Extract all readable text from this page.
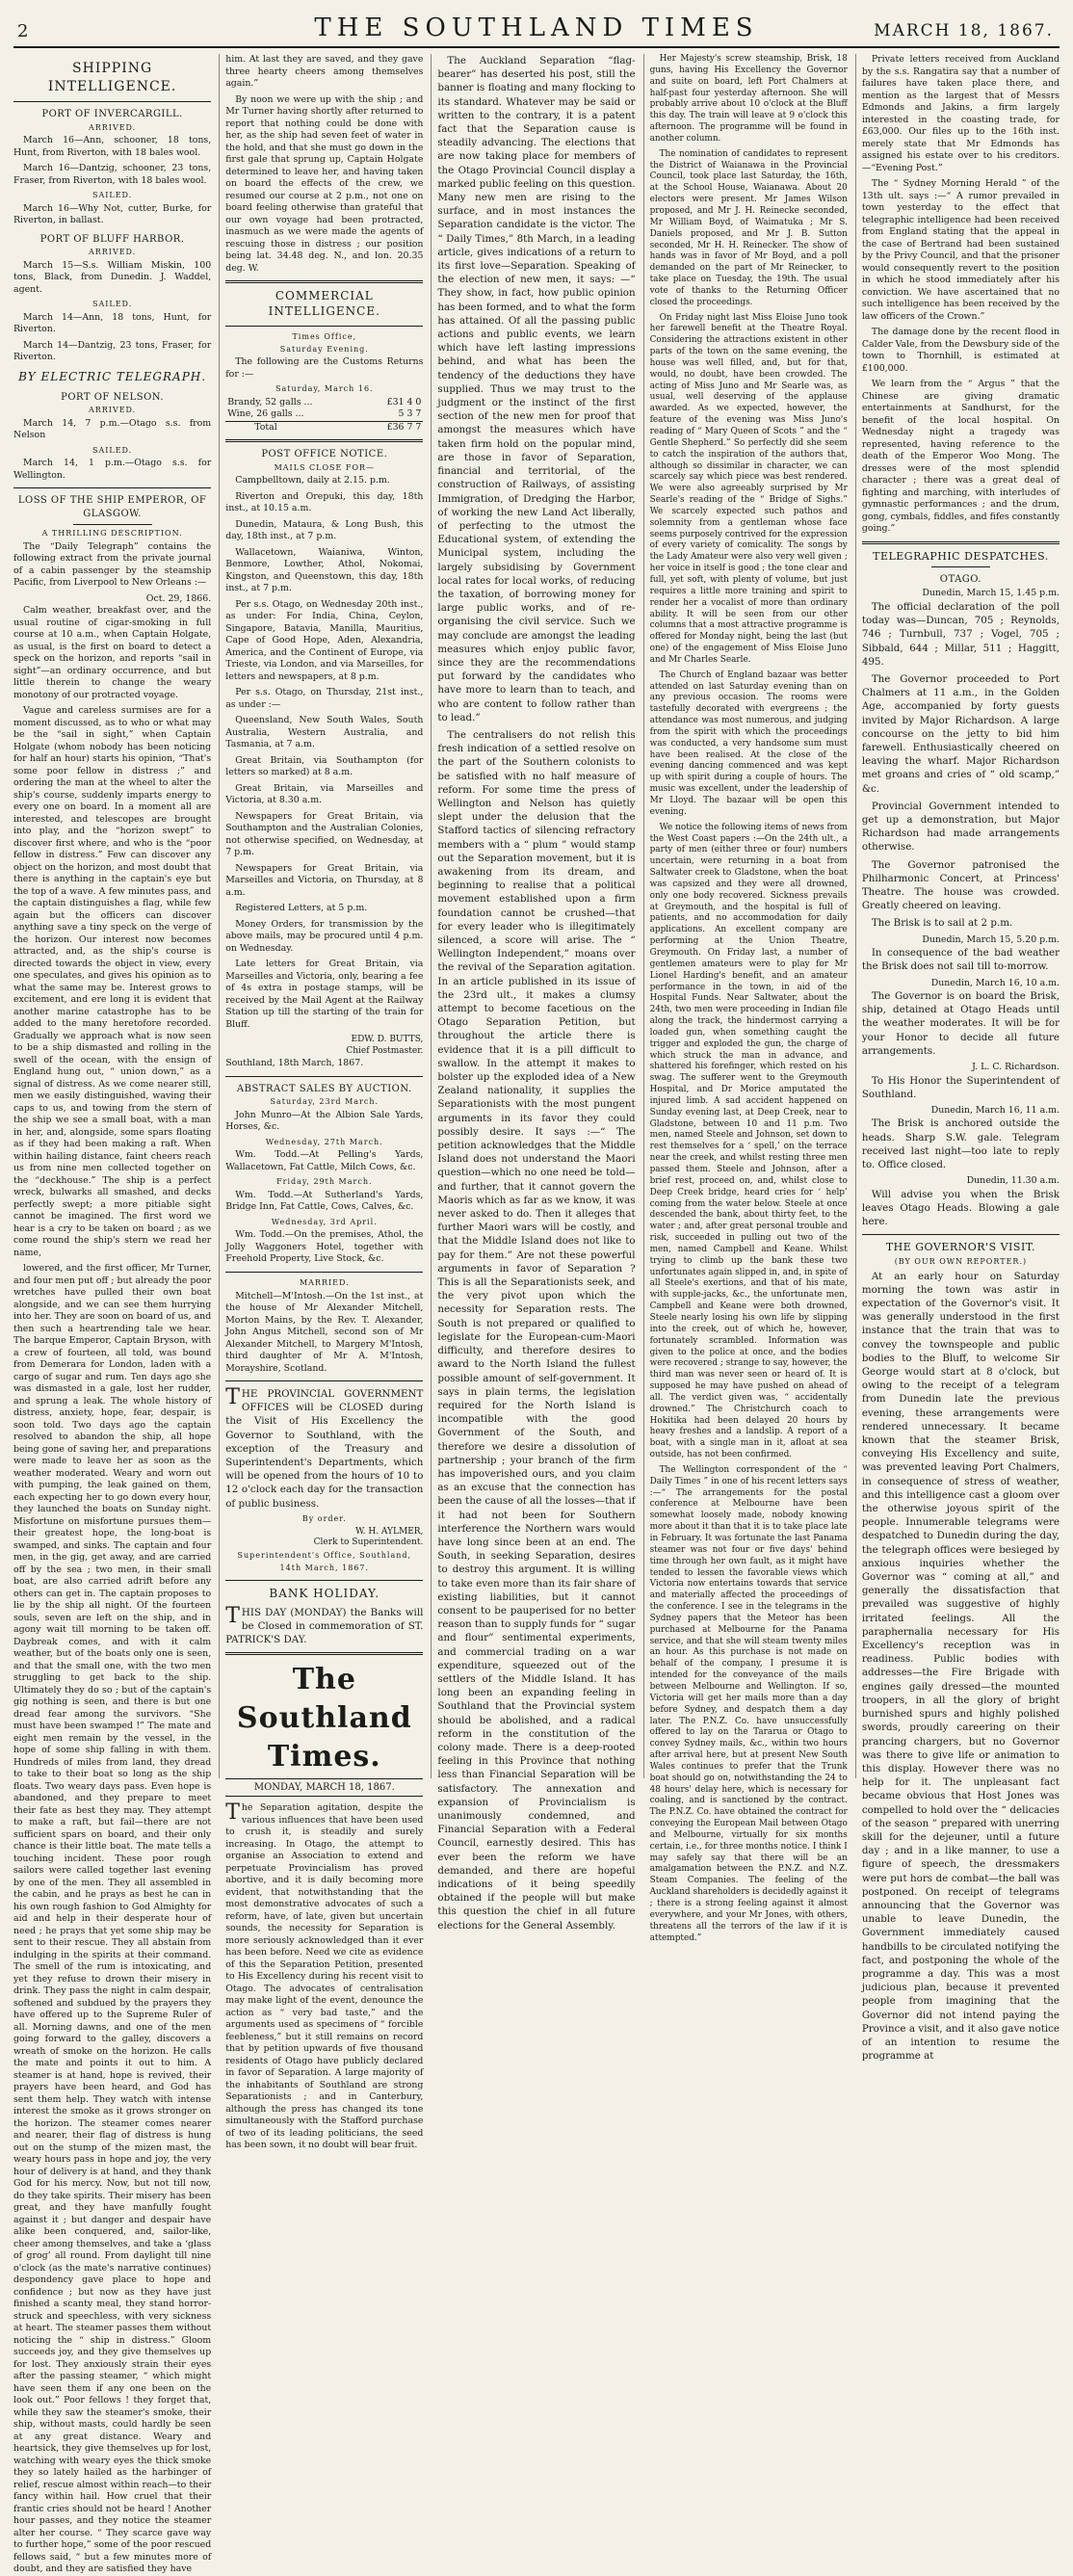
2	THE SOUTHLAND TIMES	MARCH 18, 1867.
SHIPPING INTELLIGENCE.
PORT OF INVERCARGILL.
ARRIVED.

March 16—Ann, schooner, 18 tons, Hunt, from Riverton, with 18 bales wool.

March 16—Dantzig, schooner, 23 tons, Fraser, from Riverton, with 18 bales wool.

SAILED.

March 16—Why Not, cutter, Burke, for Riverton, in ballast.

PORT OF BLUFF HARBOR.
ARRIVED.

March 15—S.s. William Miskin, 100 tons, Black, from Dunedin. J. Waddel, agent.

SAILED.

March 14—Ann, 18 tons, Hunt, for Riverton.

March 14—Dantzig, 23 tons, Fraser, for Riverton.

BY ELECTRIC TELEGRAPH.
PORT OF NELSON.
ARRIVED.

March 14, 7 p.m.—Otago s.s. from Nelson

SAILED.

March 14, 1 p.m.—Otago s.s. for Wellington.

LOSS OF THE SHIP EMPEROR, OF GLASGOW.
A THRILLING DESCRIPTION.

The “Daily Telegraph” contains the following extract from the private journal of a cabin passenger by the steamship Pacific, from Liverpool to New Orleans :—

Oct. 29, 1866.

Calm weather, breakfast over, and the usual routine of cigar-smoking in full course at 10 a.m., when Captain Holgate, as usual, is the first on board to detect a speck on the horizon, and reports “sail in sight”—an ordinary occurrence, and but little therein to change the weary monotony of our protracted voyage.

Vague and careless surmises are for a moment discussed, as to who or what may be the “sail in sight,” when Captain Holgate (whom nobody has been noticing for half an hour) starts his opinion, “That's some poor fellow in distress ;” and ordering the man at the wheel to alter the ship's course, suddenly imparts energy to every one on board. In a moment all are interested, and telescopes are brought into play, and the “horizon swept” to discover first where, and who is the “poor fellow in distress.” Few can discover any object on the horizon, and most doubt that there is anything in the captain's eye but the top of a wave. A few minutes pass, and the captain distinguishes a flag, while few again but the officers can discover anything save a tiny speck on the verge of the horizon. Our interest now becomes attracted, and, as the ship's course is directed towards the object in view, every one speculates, and gives his opinion as to what the same may be. Interest grows to excitement, and ere long it is evident that another marine catastrophe has to be added to the many heretofore recorded. Gradually we approach what is now seen to be a ship dismasted and rolling in the swell of the ocean, with the ensign of England hung out, “ union down,” as a signal of distress. As we come nearer still, men we easily distinguished, waving their caps to us, and towing from the stern of the ship we see a small boat, with a man in her, and, alongside, some spars floating as if they had been making a raft. When within hailing distance, faint cheers reach us from nine men collected together on the “deckhouse.” The ship is a perfect wreck, bulwarks all smashed, and decks perfectly swept; a more pitiable sight cannot be imagined. The first word we hear is a cry to be taken on board ; as we come round the ship's stern we read her name,

lowered, and the first officer, Mr Turner, and four men put off ; but already the poor wretches have pulled their own boat alongside, and we can see them hurrying into her. They are soon on board of us, and then such a heartrending tale we hear. The barque Emperor, Captain Bryson, with a crew of fourteen, all told, was bound from Demerara for London, laden with a cargo of sugar and rum. Ten days ago she was dismasted in a gale, lost her rudder, and sprung a leak. The whole history of distress, anxiety, hope, fear, despair, is soon told. Two days ago the captain resolved to abandon the ship, all hope being gone of saving her, and preparations were made to leave her as soon as the weather moderated. Weary and worn out with pumping, the leak gained on them, each expecting her to go down every hour, they launched the boats on Sunday night. Misfortune on misfortune pursues them—their greatest hope, the long-boat is swamped, and sinks. The captain and four men, in the gig, get away, and are carried off by the sea ; two men, in their small boat, are also carried adrift before any others can get in. The captain proposes to lie by the ship all night. Of the fourteen souls, seven are left on the ship, and in agony wait till morning to be taken off. Daybreak comes, and with it calm weather, but of the boats only one is seen, and that the small one, with the two men struggling to get back to the ship. Ultimately they do so ; but of the captain's gig nothing is seen, and there is but one dread fear among the survivors. “She must have been swamped !” The mate and eight men remain by the vessel, in the hope of some ship falling in with them. Hundreds of miles from land, they dread to take to their boat so long as the ship floats. Two weary days pass. Even hope is abandoned, and they prepare to meet their fate as best they may. They attempt to make a raft, but fail—there are not sufficient spars on board, and their only chance is their little boat. The mate tells a touching incident. These poor rough sailors were called together last evening by one of the men. They all assembled in the cabin, and he prays as best he can in his own rough fashion to God Almighty for aid and help in their desperate hour of need ; he prays that yet some ship may be sent to their rescue. They all abstain from indulging in the spirits at their command. The smell of the rum is intoxicating, and yet they refuse to drown their misery in drink. They pass the night in calm despair, softened and subdued by the prayers they have offered up to the Supreme Ruler of all. Morning dawns, and one of the men going forward to the galley, discovers a wreath of smoke on the horizon. He calls the mate and points it out to him. A steamer is at hand, hope is revived, their prayers have been heard, and God has sent them help. They watch with intense interest the smoke as it grows stronger on the horizon. The steamer comes nearer and nearer, their flag of distress is hung out on the stump of the mizen mast, the weary hours pass in hope and joy, the very hour of delivery is at hand, and they thank God for his mercy. Now, but not till now, do they take spirits. Their misery has been great, and they have manfully fought against it ; but danger and despair have alike been conquered, and, sailor-like, cheer among themselves, and take a ‘glass of grog’ all round. From daylight till nine o'clock (as the mate's narrative continues) despondency gave place to hope and confidence ; but now as they have just finished a scanty meal, they stand horror-struck and speechless, with very sickness at heart. The steamer passes them without noticing the “ ship in distress.” Gloom succeeds joy, and they give themselves up for lost. They anxiously strain their eyes after the passing steamer, “ which might have seen them if any one been on the look out.” Poor fellows ! they forget that, while they saw the steamer's smoke, their ship, without masts, could hardly be seen at any great distance. Weary and heartsick, they give themselves up for lost, watching with weary eyes the thick smoke they so lately hailed as the harbinger of relief, rescue almost within reach—to their fancy within hail. How cruel that their frantic cries should not be heard ! Another hour passes, and they notice the steamer alter her course. “ They scarce gave way to further hope,” some of the poor rescued fellows said, “ but a few minutes more of doubt, and they are satisfied they have

him. At last they are saved, and they gave three hearty cheers among themselves again.”

By noon we were up with the ship ; and Mr Turner having shortly after returned to report that nothing could be done with her, as the ship had seven feet of water in the hold, and that she must go down in the first gale that sprung up, Captain Holgate determined to leave her, and having taken on board the effects of the crew, we resumed our course at 2 p.m., not one on board feeling otherwise than grateful that our own voyage had been protracted, inasmuch as we were made the agents of rescuing those in distress ; our position being lat. 34.48 deg. N., and lon. 20.35 deg. W.

COMMERCIAL INTELLIGENCE.
Times Office,
Saturday Evening.

The following are the Customs Returns for :—

Saturday, March 16.
Brandy, 52 galls ...	£31 4 0
Wine, 26 galls ...	5 3 7
Total	£36 7 7
POST OFFICE NOTICE.
MAILS CLOSE FOR—

Campbelltown, daily at 2.15. p.m.

Riverton and Orepuki, this day, 18th inst., at 10.15 a.m.

Dunedin, Mataura, & Long Bush, this day, 18th inst., at 7 p.m.

Wallacetown, Waianiwa, Winton, Benmore, Lowther, Athol, Nokomai, Kingston, and Queenstown, this day, 18th inst., at 7 p.m.

Per s.s. Otago, on Wednesday 20th inst., as under: For India, China, Ceylon, Singapore, Batavia, Manilla, Mauritius, Cape of Good Hope, Aden, Alexandria, America, and the Continent of Europe, via Trieste, via London, and via Marseilles, for letters and newspapers, at 8 p.m.

Per s.s. Otago, on Thursday, 21st inst., as under :—

Queensland, New South Wales, South Australia, Western Australia, and Tasmania, at 7 a.m.

Great Britain, via Southampton (for letters so marked) at 8 a.m.

Great Britain, via Marseilles and Victoria, at 8.30 a.m.

Newspapers for Great Britain, via Southampton and the Australian Colonies, not otherwise specified, on Wednesday, at 7 p.m.

Newspapers for Great Britain, via Marseilles and Victoria, on Thursday, at 8 a.m.

Registered Letters, at 5 p.m.

Money Orders, for transmission by the above mails, may be procured until 4 p.m. on Wednesday.

Late letters for Great Britain, via Marseilles and Victoria, only, bearing a fee of 4s extra in postage stamps, will be received by the Mail Agent at the Railway Station up till the starting of the train for Bluff.

EDW. D. BUTTS,
Chief Postmaster.

Southland, 18th March, 1867.

ABSTRACT SALES BY AUCTION.
Saturday, 23rd March.

John Munro—At the Albion Sale Yards, Horses, &c.

Wednesday, 27th March.

Wm. Todd.—At Pelling's Yards, Wallacetown, Fat Cattle, Milch Cows, &c.

Friday, 29th March.

Wm. Todd.—At Sutherland's Yards, Bridge Inn, Fat Cattle, Cows, Calves, &c.

Wednesday, 3rd April.

Wm. Todd.—On the premises, Athol, the Jolly Waggoners Hotel, together with Freehold Property, Live Stock, &c.

MARRIED.

Mitchell—M'Intosh.—On the 1st inst., at the house of Mr Alexander Mitchell, Morton Mains, by the Rev. T. Alexander, John Angus Mitchell, second son of Mr Alexander Mitchell, to Margery M'Intosh, third daughter of Mr A. M'Intosh, Morayshire, Scotland.

THE PROVINCIAL GOVERNMENT OFFICES will be CLOSED during the Visit of His Excellency the Governor to Southland, with the exception of the Treasury and Superintendent's Departments, which will be opened from the hours of 10 to 12 o'clock each day for the transaction of public business.

By order.
W. H. AYLMER,
Clerk to Superintendent.
Superintendent's Office, Southland,
14th March, 1867.
BANK HOLIDAY.

THIS DAY (MONDAY) the Banks will be Closed in commemoration of ST. PATRICK'S DAY.

The Southland Times.
MONDAY, MARCH 18, 1867.

The Separation agitation, despite the various influences that have been used to crush it, is steadily and surely increasing. In Otago, the attempt to organise an Association to extend and perpetuate Provincialism has proved abortive, and it is daily becoming more evident, that notwithstanding that the most demonstrative advocates of such a reform, have, of late, given but uncertain sounds, the necessity for Separation is more seriously acknowledged than it ever has been before. Need we cite as evidence of this the Separation Petition, presented to His Excellency during his recent visit to Otago. The advocates of centralisation may make light of the event, denounce the action as “ very bad taste,” and the arguments used as specimens of “ forcible feebleness,” but it still remains on record that by petition upwards of five thousand residents of Otago have publicly declared in favor of Separation. A large majority of the inhabitants of Southland are strong Separationists ; and in Canterbury, although the press has changed its tone simultaneously with the Stafford purchase of two of its leading politicians, the seed has been sown, it no doubt will bear fruit.

The Auckland Separation “flag-bearer” has deserted his post, still the banner is floating and many flocking to its standard. Whatever may be said or written to the contrary, it is a patent fact that the Separation cause is steadily advancing. The elections that are now taking place for members of the Otago Provincial Council display a marked public feeling on this question. Many new men are rising to the surface, and in most instances the Separation candidate is the victor. The “ Daily Times,” 8th March, in a leading article, gives indications of a return to its first love—Separation. Speaking of the election of new men, it says: —“ They show, in fact, how public opinion has been formed, and to what the form has attained. Of all the passing public actions and public events, we learn which have left lasting impressions behind, and what has been the tendency of the deductions they have supplied. Thus we may trust to the judgment or the instinct of the first section of the new men for proof that amongst the measures which have taken firm hold on the popular mind, are those in favor of Separation, financial and territorial, of the construction of Railways, of assisting Immigration, of Dredging the Harbor, of working the new Land Act liberally, of perfecting to the utmost the Educational system, of extending the Municipal system, including the largely subsidising by Government local rates for local works, of reducing the taxation, of borrowing money for large public works, and of re-organising the civil service. Such we may conclude are amongst the leading measures which enjoy public favor, since they are the recommendations put forward by the candidates who have more to learn than to teach, and who are content to follow rather than to lead.”

The centralisers do not relish this fresh indication of a settled resolve on the part of the Southern colonists to be satisfied with no half measure of reform. For some time the press of Wellington and Nelson has quietly slept under the delusion that the Stafford tactics of silencing refractory members with a “ plum ” would stamp out the Separation movement, but it is awakening from its dream, and beginning to realise that a political movement established upon a firm foundation cannot be crushed—that for every leader who is illegitimately silenced, a score will arise. The “ Wellington Independent,” moans over the revival of the Separation agitation. In an article published in its issue of the 23rd ult., it makes a clumsy attempt to become facetious on the Otago Separation Petition, but throughout the article there is evidence that it is a pill difficult to swallow. In the attempt it makes to bolster up the exploded idea of a New Zealand nationality, it supplies the Separationists with the most pungent arguments in its favor they could possibly desire. It says :—“ The petition acknowledges that the Middle Island does not understand the Maori question—which no one need be told—and further, that it cannot govern the Maoris which as far as we know, it was never asked to do. Then it alleges that further Maori wars will be costly, and that the Middle Island does not like to pay for them.” Are not these powerful arguments in favor of Separation ? This is all the Separationists seek, and the very pivot upon which the necessity for Separation rests. The South is not prepared or qualified to legislate for the European-cum-Maori difficulty, and therefore desires to award to the North Island the fullest possible amount of self-government. It says in plain terms, the legislation required for the North Island is incompatible with the good Government of the South, and therefore we desire a dissolution of partnership ; your branch of the firm has impoverished ours, and you claim as an excuse that the connection has been the cause of all the losses—that if it had not been for Southern interference the Northern wars would have long since been at an end. The South, in seeking Separation, desires to destroy this argument. It is willing to take even more than its fair share of existing liabilities, but it cannot consent to be pauperised for no better reason than to supply funds for “ sugar and flour” sentimental experiments, and commercial trading on a war expenditure, squeezed out of the settlers of the Middle Island. It has long been an expanding feeling in Southland that the Provincial system should be abolished, and a radical reform in the constitution of the colony made. There is a deep-rooted feeling in this Province that nothing less than Financial Separation will be satisfactory. The annexation and expansion of Provincialism is unanimously condemned, and Financial Separation with a Federal Council, earnestly desired. This has ever been the reform we have demanded, and there are hopeful indications of it being speedily obtained if the people will but make this question the chief in all future elections for the General Assembly.

Her Majesty's screw steamship, Brisk, 18 guns, having His Excellency the Governor and suite on board, left Port Chalmers at half-past four yesterday afternoon. She will probably arrive about 10 o'clock at the Bluff this day. The train will leave at 9 o'clock this afternoon. The programme will be found in another column.

The nomination of candidates to represent the District of Waianawa in the Provincial Council, took place last Saturday, the 16th, at the School House, Waianawa. About 20 electors were present. Mr James Wilson proposed, and Mr J. H. Reinecke seconded, Mr William Boyd, of Waimatuka ; Mr S. Daniels proposed, and Mr J. B. Sutton seconded, Mr H. H. Reinecker. The show of hands was in favor of Mr Boyd, and a poll demanded on the part of Mr Reinecker, to take place on Tuesday, the 19th. The usual vote of thanks to the Returning Officer closed the proceedings.

On Friday night last Miss Eloise Juno took her farewell benefit at the Theatre Royal. Considering the attractions existent in other parts of the town on the same evening, the house was well filled, and, but for that, would, no doubt, have been crowded. The acting of Miss Juno and Mr Searle was, as usual, well deserving of the applause awarded. As we expected, however, the feature of the evening was Miss Juno's reading of “ Mary Queen of Scots ” and the “ Gentle Shepherd.” So perfectly did she seem to catch the inspiration of the authors that, although so dissimilar in character, we can scarcely say which piece was best rendered. We were also agreeably surprised by Mr Searle's reading of the “ Bridge of Sighs.” We scarcely expected such pathos and solemnity from a gentleman whose face seems purposely contrived for the expression of every variety of comicality. The songs by the Lady Amateur were also very well given ; her voice in itself is good ; the tone clear and full, yet soft, with plenty of volume, but just requires a little more training and spirit to render her a vocalist of more than ordinary ability. It will be seen from our other columns that a most attractive programme is offered for Monday night, being the last (but one) of the engagement of Miss Eloise Juno and Mr Charles Searle.

The Church of England bazaar was better attended on last Saturday evening than on any previous occasion. The rooms were tastefully decorated with evergreens ; the attendance was most numerous, and judging from the spirit with which the proceedings was conducted, a very handsome sum must have been realised. At the close of the evening dancing commenced and was kept up with spirit during a couple of hours. The music was excellent, under the leadership of Mr Lloyd. The bazaar will be open this evening.

We notice the following items of news from the West Coast papers :—On the 24th ult., a party of men (either three or four) numbers uncertain, were returning in a boat from Saltwater creek to Gladstone, when the boat was capsized and they were all drowned, only one body recovered. Sickness prevails at Greymouth, and the hospital is full of patients, and no accommodation for daily applications. An excellent company are performing at the Union Theatre, Greymouth. On Friday last, a number of gentlemen amateurs were to play for Mr Lionel Harding's benefit, and an amateur performance in the town, in aid of the Hospital Funds. Near Saltwater, about the 24th, two men were proceeding in Indian file along the track, the hindermost carrying a loaded gun, when something caught the trigger and exploded the gun, the charge of which struck the man in advance, and shattered his forefinger, which rested on his swag. The sufferer went to the Greymouth Hospital, and Dr Morice amputated the injured limb. A sad accident happened on Sunday evening last, at Deep Creek, near to Gladstone, between 10 and 11 p.m. Two men, named Steele and Johnson, set down to rest themselves for a ‘ spell,’ on the terrace near the creek, and whilst resting three men passed them. Steele and Johnson, after a brief rest, proceed on, and, whilst close to Deep Creek bridge, heard cries for ‘ help’ coming from the water below. Steele at once descended the bank, about thirty feet, to the water ; and, after great personal trouble and risk, succeeded in pulling out two of the men, named Campbell and Keane. Whilst trying to climb up the bank these two unfortunates again slipped in, and, in spite of all Steele's exertions, and that of his mate, with supple-jacks, &c., the unfortunate men, Campbell and Keane were both drowned, Steele nearly losing his own life by slipping into the creek, out of which he, however, fortunately scrambled. Information was given to the police at once, and the bodies were recovered ; strange to say, however, the third man was never seen or heard of. It is supposed he may have pushed on ahead of all. The verdict given was, “ accidentally drowned.” The Christchurch coach to Hokitika had been delayed 20 hours by heavy freshes and a landslip. A report of a boat, with a single man in it, afloat at sea outside, has not been confirmed.

The Wellington correspondent of the “ Daily Times ” in one of his recent letters says :—“ The arrangements for the postal conference at Melbourne have been somewhat loosely made, nobody knowing more about it than that it is to take place late in February. It was fortunate the last Panama steamer was not four or five days' behind time through her own fault, as it might have tended to lessen the favorable views which Victoria now entertains towards that service and materially affected the proceedings of the conference. I see in the telegrams in the Sydney papers that the Meteor has been purchased at Melbourne for the Panama service, and that she will steam twenty miles an hour. As this purchase is not made on behalf of the company, I presume it is intended for the conveyance of the mails between Melbourne and Wellington. If so, Victoria will get her mails more than a day before Sydney, and despatch them a day later. The P.N.Z. Co. have unsuccessfully offered to lay on the Tararua or Otago to convey Sydney mails, &c., within two hours after arrival here, but at present New South Wales continues to prefer that the Trunk boat should go on, notwithstanding the 24 to 48 hours' delay here, which is necessary for coaling, and is sanctioned by the contract. The P.N.Z. Co. have obtained the contract for conveying the European Mail between Otago and Melbourne, virtually for six months certain, i.e., for three months notice. I think I may safely say that there will be an amalgamation between the P.N.Z. and N.Z. Steam Companies. The feeling of the Auckland shareholders is decidedly against it ; there is a strong feeling against it almost everywhere, and your Mr Jones, with others, threatens all the terrors of the law if it is attempted.”

Private letters received from Auckland by the s.s. Rangatira say that a number of failures have taken place there, and mention as the largest that of Messrs Edmonds and Jakins, a firm largely interested in the coasting trade, for £63,000. Our files up to the 16th inst. merely state that Mr Edmonds has assigned his estate over to his creditors.—“Evening Post.”

The “ Sydney Morning Herald ” of the 13th ult. says :—“ A rumor prevailed in town yesterday to the effect that telegraphic intelligence had been received from England stating that the appeal in the case of Bertrand had been sustained by the Privy Council, and that the prisoner would consequently revert to the position in which he stood immediately after his conviction. We have ascertained that no such intelligence has been received by the law officers of the Crown.”

The damage done by the recent flood in Calder Vale, from the Dewsbury side of the town to Thornhill, is estimated at £100,000.

We learn from the “ Argus ” that the Chinese are giving dramatic entertainments at Sandhurst, for the benefit of the local hospital. On Wednesday night a tragedy was represented, having reference to the death of the Emperor Woo Mong. The dresses were of the most splendid character ; there was a great deal of fighting and marching, with interludes of gymnastic performances ; and the drum, gong, cymbals, fiddles, and fifes constantly going.”

TELEGRAPHIC DESPATCHES.
OTAGO.
Dunedin, March 15, 1.45 p.m.

The official declaration of the poll today was—Duncan, 705 ; Reynolds, 746 ; Turnbull, 737 ; Vogel, 705 ; Sibbald, 644 ; Millar, 511 ; Haggitt, 495.

The Governor proceeded to Port Chalmers at 11 a.m., in the Golden Age, accompanied by forty guests invited by Major Richardson. A large concourse on the jetty to bid him farewell. Enthusiastically cheered on leaving the wharf. Major Richardson met groans and cries of “ old scamp,” &c.

Provincial Government intended to get up a demonstration, but Major Richardson had made arrangements otherwise.

The Governor patronised the Philharmonic Concert, at Princess' Theatre. The house was crowded. Greatly cheered on leaving.

The Brisk is to sail at 2 p.m.

Dunedin, March 15, 5.20 p.m.

In consequence of the bad weather the Brisk does not sail till to-morrow.

Dunedin, March 16, 10 a.m.

The Governor is on board the Brisk, ship, detained at Otago Heads until the weather moderates. It will be for your Honor to decide all future arrangements.

J. L. C. Richardson.

To His Honor the Superintendent of Southland.

Dunedin, March 16, 11 a.m.

The Brisk is anchored outside the heads. Sharp S.W. gale. Telegram received last night—too late to reply to. Office closed.

Dunedin, 11.30 a.m.

Will advise you when the Brisk leaves Otago Heads. Blowing a gale here.

THE GOVERNOR'S VISIT.
(BY OUR OWN REPORTER.)

At an early hour on Saturday morning the town was astir in expectation of the Governor's visit. It was generally understood in the first instance that the train that was to convey the townspeople and public bodies to the Bluff, to welcome Sir George would start at 8 o'clock, but owing to the receipt of a telegram from Dunedin late the previous evening, these arrangements were rendered unnecessary. It became known that the steamer Brisk, conveying His Excellency and suite, was prevented leaving Port Chalmers, in consequence of stress of weather, and this intelligence cast a gloom over the otherwise joyous spirit of the people. Innumerable telegrams were despatched to Dunedin during the day, the telegraph offices were besieged by anxious inquiries whether the Governor was “ coming at all,” and generally the dissatisfaction that prevailed was suggestive of highly irritated feelings. All the paraphernalia necessary for His Excellency's reception was in readiness. Public bodies with addresses—the Fire Brigade with engines gaily dressed—the mounted troopers, in all the glory of bright burnished spurs and highly polished swords, proudly careering on their prancing chargers, but no Governor was there to give life or animation to this display. However there was no help for it. The unpleasant fact became obvious that Host Jones was compelled to hold over the “ delicacies of the season ” prepared with unerring skill for the dejeuner, until a future day ; and in a like manner, to use a figure of speech, the dressmakers were put hors de combat—the ball was postponed. On receipt of telegrams announcing that the Governor was unable to leave Dunedin, the Government immediately caused handbills to be circulated notifying the fact, and postponing the whole of the programme a day. This was a most judicious plan, because it prevented people from imagining that the Governor did not intend paying the Province a visit, and it also gave notice of an intention to resume the programme at
